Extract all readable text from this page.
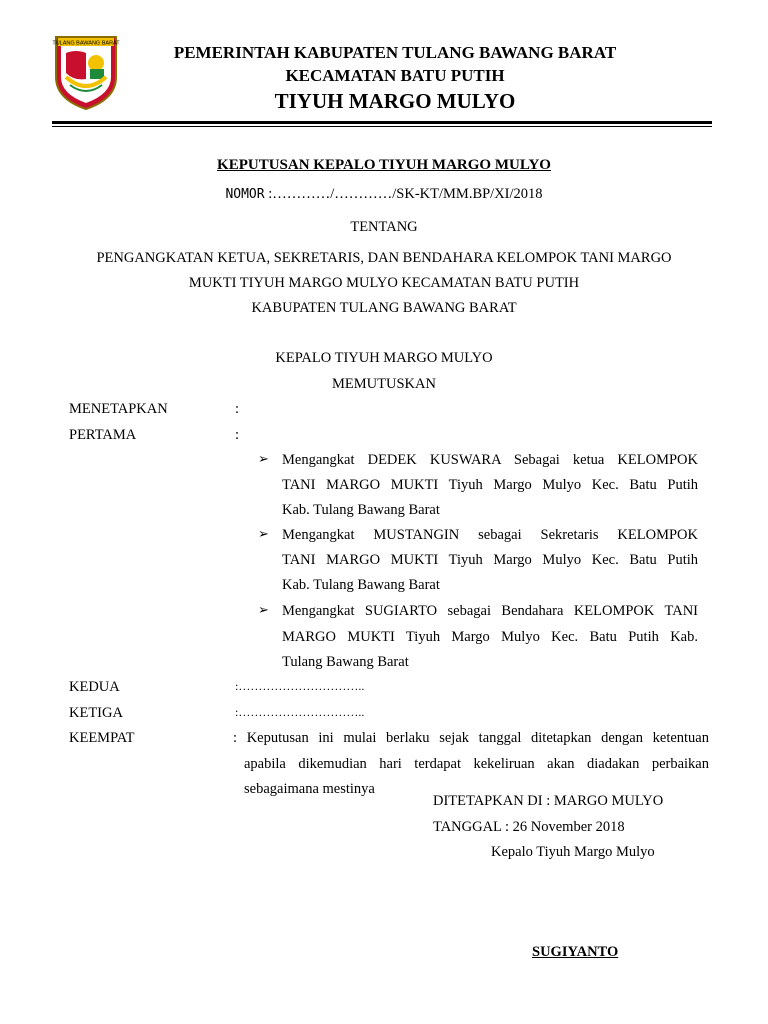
TULANG BAWANG BARAT	PEMERINTAH KABUPATEN TULANG BAWANG BARAT
KECAMATAN BATU PUTIH
TIYUH MARGO MULYO
KEPUTUSAN KEPALO TIYUH MARGO MULYO
NOMOR :…………/…………/SK-KT/MM.BP/XI/2018
TENTANG
PENGANGKATAN KETUA, SEKRETARIS, DAN BENDAHARA KELOMPOK TANI MARGO
MUKTI TIYUH MARGO MULYO KECAMATAN BATU PUTIH
KABUPATEN TULANG BAWANG BARAT
KEPALO TIYUH MARGO MULYO
MEMUTUSKAN
MENETAPKAN	:
PERTAMA	:
➢ Mengangkat DEDEK KUSWARA Sebagai ketua KELOMPOK
TANI MARGO MUKTI Tiyuh Margo Mulyo Kec. Batu Putih
Kab. Tulang Bawang Barat
➢ Mengangkat MUSTANGIN sebagai Sekretaris KELOMPOK
TANI MARGO MUKTI Tiyuh Margo Mulyo Kec. Batu Putih
Kab. Tulang Bawang Barat
➢ Mengangkat SUGIARTO sebagai Bendahara KELOMPOK TANI
MARGO MUKTI Tiyuh Margo Mulyo Kec. Batu Putih Kab.
Tulang Bawang Barat
KEDUA	:…………………………..
KETIGA	:…………………………..
KEEMPAT	: Keputusan ini mulai berlaku sejak tanggal ditetapkan dengan ketentuan
apabila dikemudian hari terdapat kekeliruan akan diadakan perbaikan
sebagaimana mestinya
DITETAPKAN DI : MARGO MULYO
TANGGAL : 26 November 2018
Kepalo Tiyuh Margo Mulyo
SUGIYANTO
